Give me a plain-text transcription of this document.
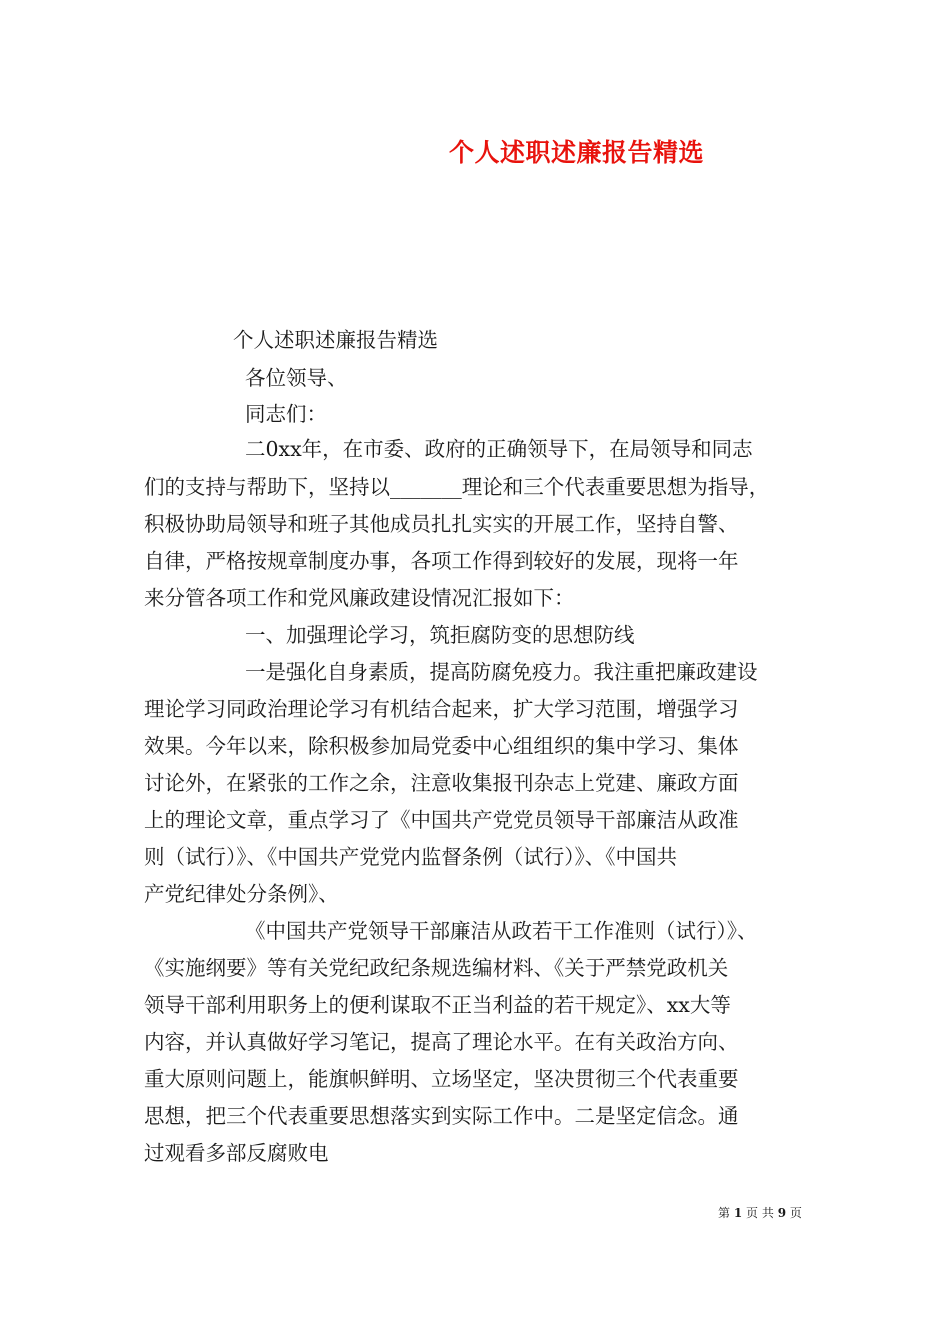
个人述职述廉报告精选
个人述职述廉报告精选
各位领导、
同志们：
二0xx年，在市委、政府的正确领导下，在局领导和同志
们的支持与帮助下，坚持以_______理论和三个代表重要思想为指导，
积极协助局领导和班子其他成员扎扎实实的开展工作，坚持自警、
自律，严格按规章制度办事，各项工作得到较好的发展，现将一年
来分管各项工作和党风廉政建设情况汇报如下：
一、加强理论学习，筑拒腐防变的思想防线
一是强化自身素质，提高防腐免疫力。我注重把廉政建设
理论学习同政治理论学习有机结合起来，扩大学习范围，增强学习
效果。今年以来，除积极参加局党委中心组组织的集中学习、集体
讨论外，在紧张的工作之余，注意收集报刊杂志上党建、廉政方面
上的理论文章，重点学习了《中国共产党党员领导干部廉洁从政准
则（试行）》、《中国共产党党内监督条例（试行）》、《中国共
产党纪律处分条例》、
《中国共产党领导干部廉洁从政若干工作准则（试行）》、
《实施纲要》等有关党纪政纪条规选编材料、《关于严禁党政机关
领导干部利用职务上的便利谋取不正当利益的若干规定》、xx大等
内容，并认真做好学习笔记，提高了理论水平。在有关政治方向、
重大原则问题上，能旗帜鲜明、立场坚定，坚决贯彻三个代表重要
思想，把三个代表重要思想落实到实际工作中。二是坚定信念。通
过观看多部反腐败电
第 1 页 共 9 页
